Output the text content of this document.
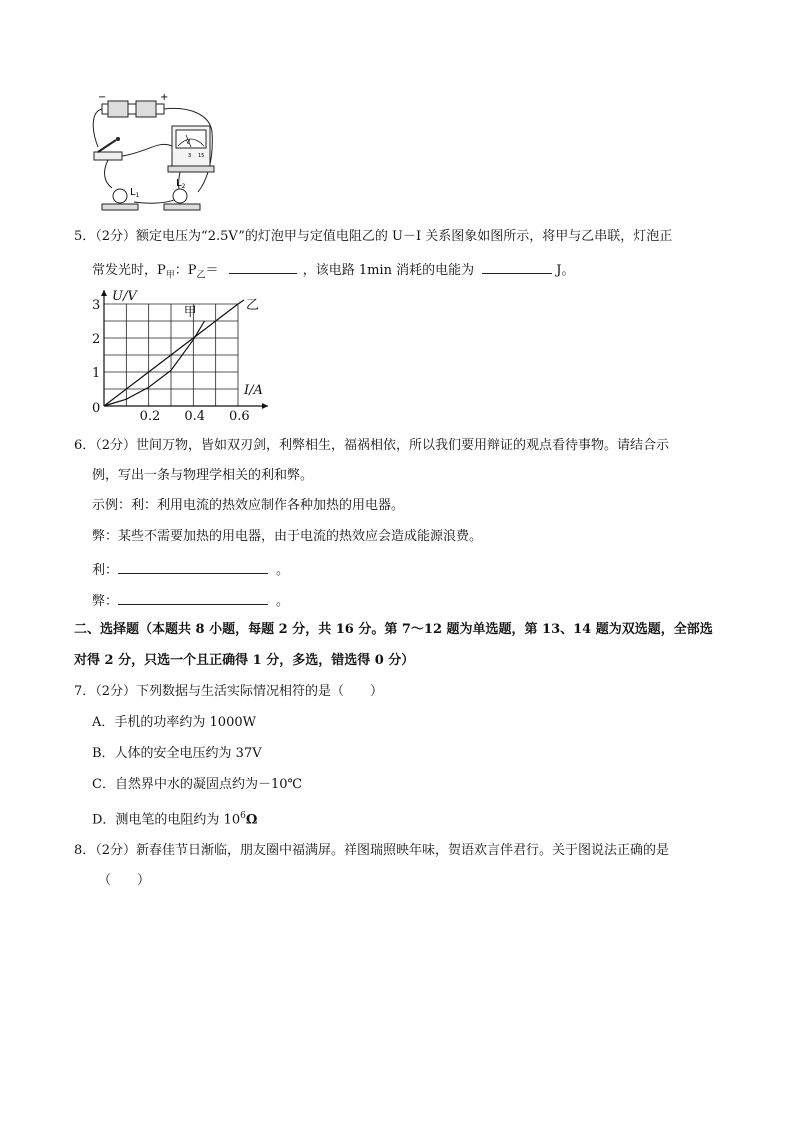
−	+
V
3 15
$L_1$
$L_2$
5．（2分）额定电压为“2.5V”的灯泡甲与定值电阻乙的 U－I 关系图象如图所示，将甲与乙串联，灯泡正
常发光时，$P_甲$：$P_乙=$	，该电路 1min 消耗的电能为	J。
0.2 0.4 0.6
1
2
3
0
U/V
I/A
甲	乙
6．（2分）世间万物，皆如双刃剑，利弊相生，福祸相依，所以我们要用辩证的观点看待事物。请结合示
例，写出一条与物理学相关的利和弊。
示例：利：利用电流的热效应制作各种加热的用电器。
弊：某些不需要加热的用电器，由于电流的热效应会造成能源浪费。
利：	。
弊：	。
二、选择题（本题共 8 小题，每题 2 分，共 16 分。第 7～12 题为单选题，第 13、14 题为双选题，全部选
对得 2 分，只选一个且正确得 1 分，多选，错选得 0 分）
7．（2分）下列数据与生活实际情况相符的是（　　）
A．手机的功率约为 1000W
B．人体的安全电压约为 37V
C．自然界中水的凝固点约为－10℃
D．测电笔的电阻约为 $10^6\Omega$
8．（2分）新春佳节日渐临，朋友圈中福满屏。祥图瑞照映年味，贺语欢言伴君行。关于图说法正确的是
（　　）
